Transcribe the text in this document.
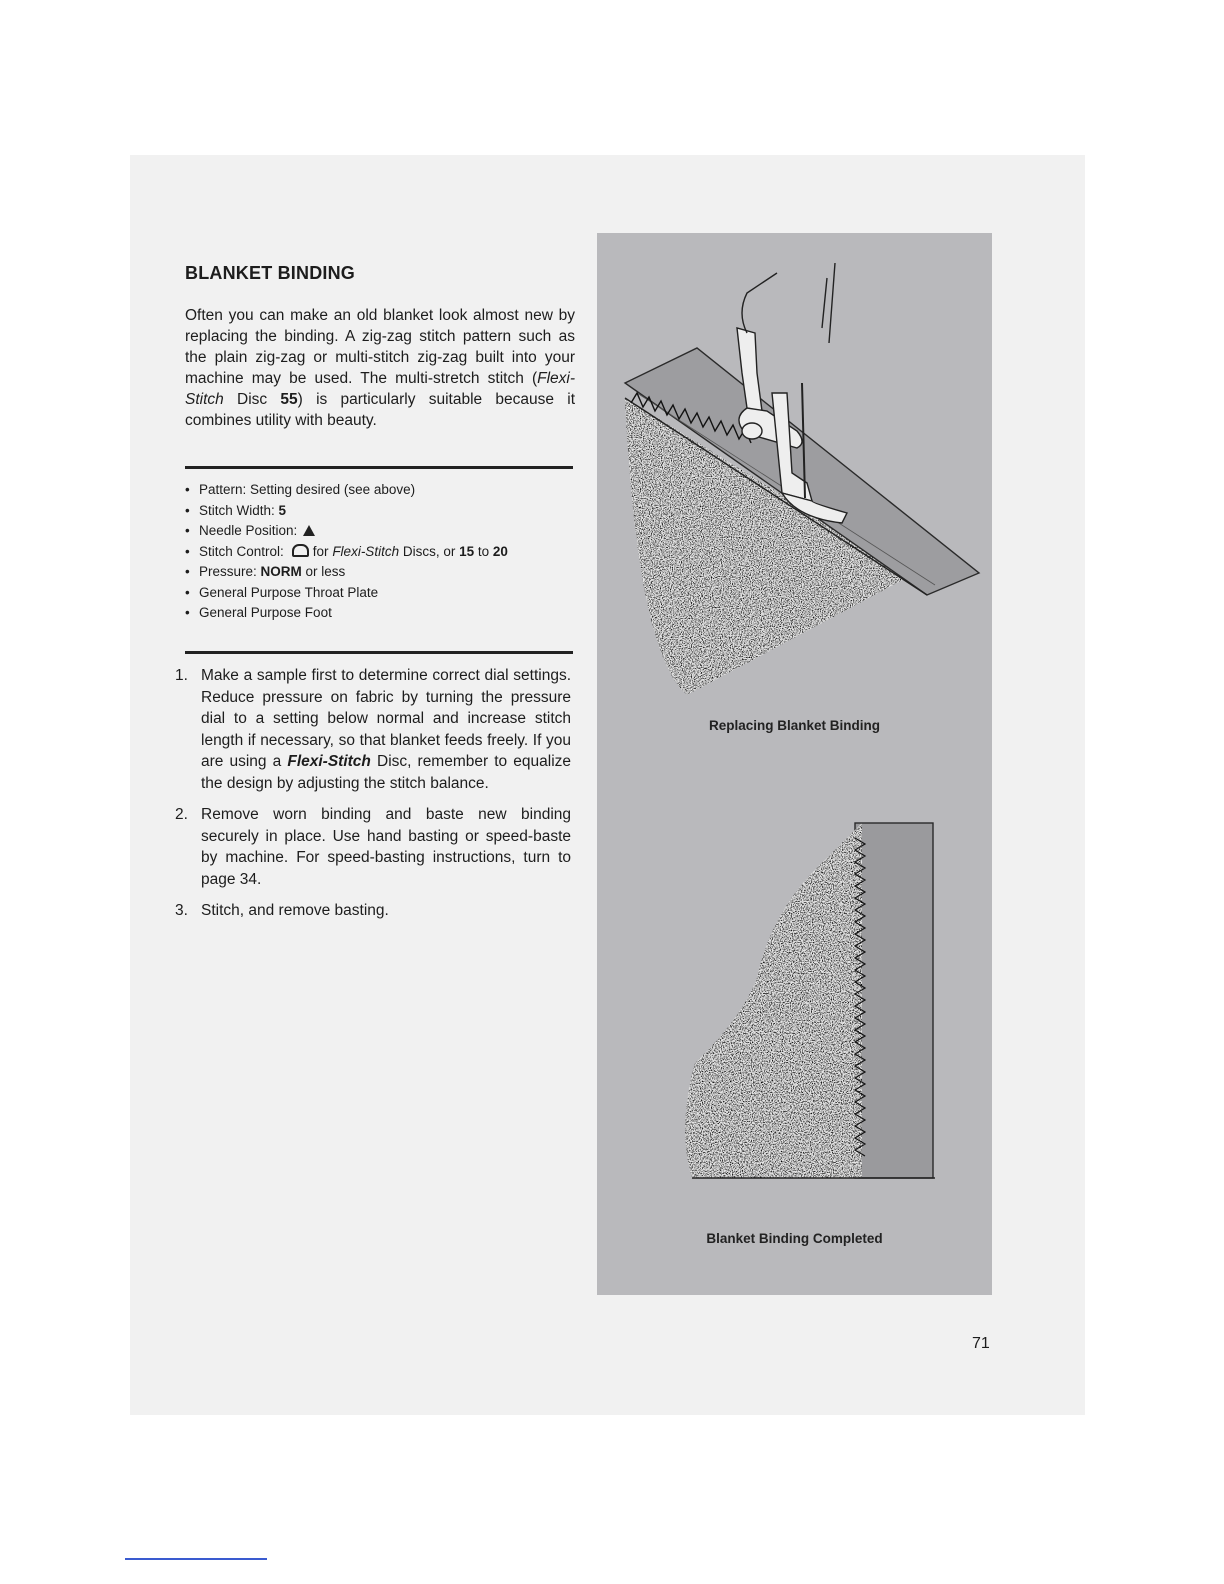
BLANKET BINDING

Often you can make an old blanket look almost new by replacing the binding. A zig-zag stitch pattern such as the plain zig-zag or multi-stitch zig-zag built into your machine may be used. The multi-stretch stitch (Flexi-Stitch Disc 55) is particularly suitable because it combines utility with beauty.

• Pattern: Setting desired (see above)
• Stitch Width: 5
• Needle Position:
• Stitch Control: for Flexi-Stitch Discs, or 15 to 20
• Pressure: NORM or less
• General Purpose Throat Plate
• General Purpose Foot
1. Make a sample first to determine correct dial settings. Reduce pressure on fabric by turning the pressure dial to a setting below normal and increase stitch length if necessary, so that blanket feeds freely. If you are using a Flexi-Stitch Disc, remember to equalize the design by adjusting the stitch balance.
2. Remove worn binding and baste new binding securely in place. Use hand basting or speed-baste by machine. For speed-basting instructions, turn to page 34.
3. Stitch, and remove basting.
Replacing Blanket Binding
Blanket Binding Completed
71
